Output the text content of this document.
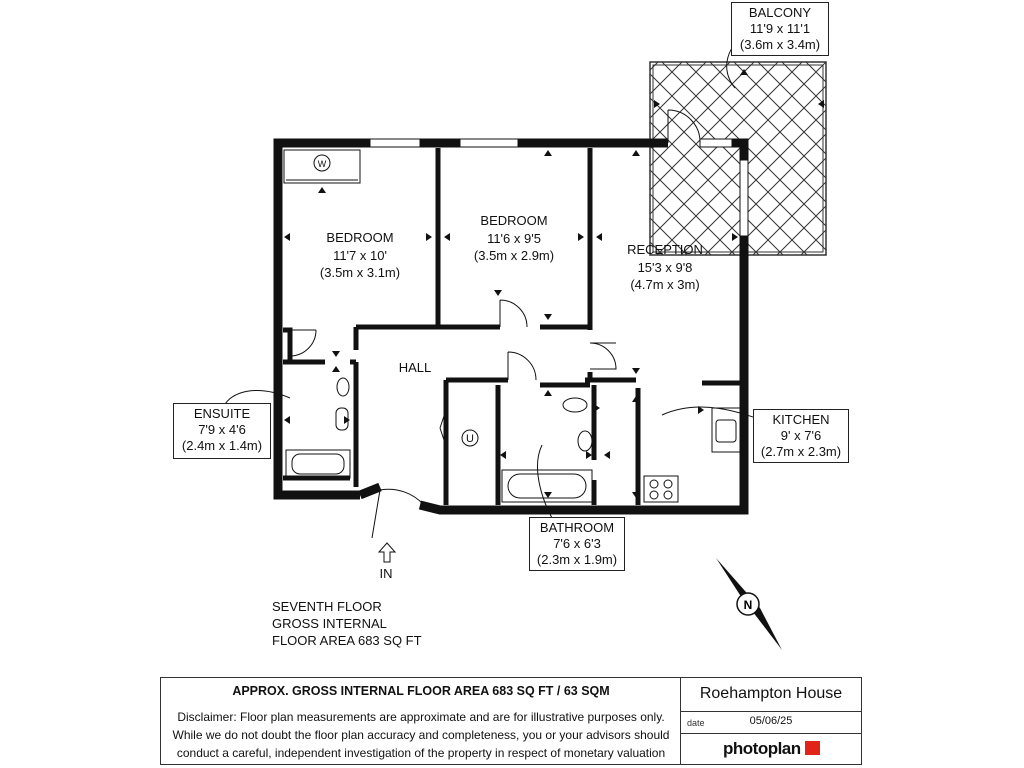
BEDROOM
11'7 x 10'
(3.5m x 3.1m)
BEDROOM
11'6 x 9'5
(3.5m x 2.9m)	RECEPTION
15'3 x 9'8
(4.7m x 3m)
HALL
W
U
IN
N
BALCONY
11'9 x 11'1
(3.6m x 3.4m)
ENSUITE
7'9 x 4'6
(2.4m x 1.4m)
KITCHEN
9' x 7'6
(2.7m x 2.3m)
BATHROOM
7'6 x 6'3
(2.3m x 1.9m)
SEVENTH FLOOR
GROSS INTERNAL
FLOOR AREA 683 SQ FT
APPROX. GROSS INTERNAL FLOOR AREA 683 SQ FT / 63 SQM
Disclaimer: Floor plan measurements are approximate and are for illustrative purposes only.
While we do not doubt the floor plan accuracy and completeness, you or your advisors should
conduct a careful, independent investigation of the property in respect of monetary valuation
Roehampton House
date	05/06/25
photoplan
